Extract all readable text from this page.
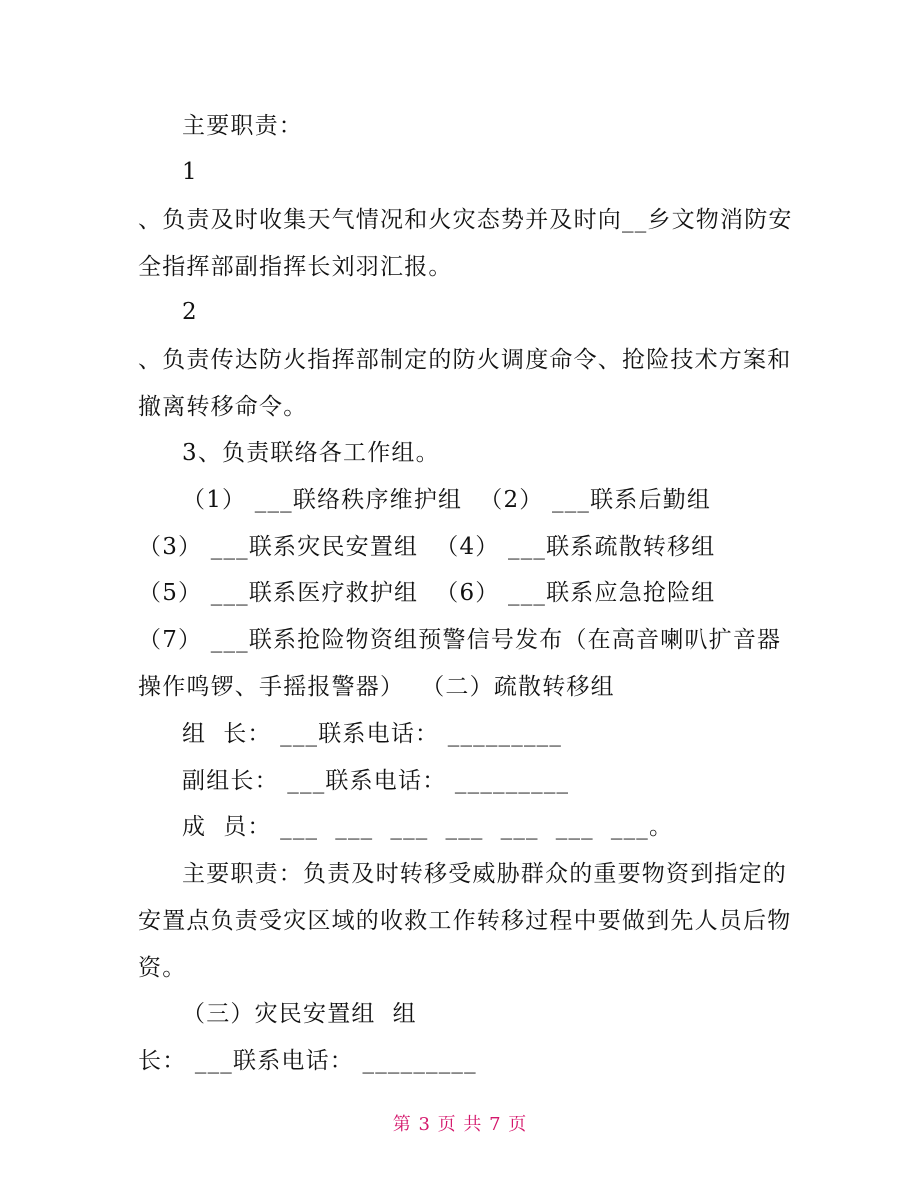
主要职责：
1
、负责及时收集天气情况和火灾态势并及时向__乡文物消防安
全指挥部副指挥长刘羽汇报。
2
、负责传达防火指挥部制定的防火调度命令、抢险技术方案和
撤离转移命令。
3、负责联络各工作组。
（1） ___联络秩序维护组  （2） ___联系后勤组
（3） ___联系灾民安置组  （4） ___联系疏散转移组
（5） ___联系医疗救护组  （6） ___联系应急抢险组
（7） ___联系抢险物资组预警信号发布（在高音喇叭扩音器
操作鸣锣、手摇报警器）  （二）疏散转移组
组  长： ___联系电话： _________
副组长： ___联系电话： _________
成  员： ___  ___  ___  ___  ___  ___  ___。
主要职责：负责及时转移受威胁群众的重要物资到指定的
安置点负责受灾区域的收救工作转移过程中要做到先人员后物
资。
（三）灾民安置组  组
长： ___联系电话： _________
第 3 页 共 7 页
